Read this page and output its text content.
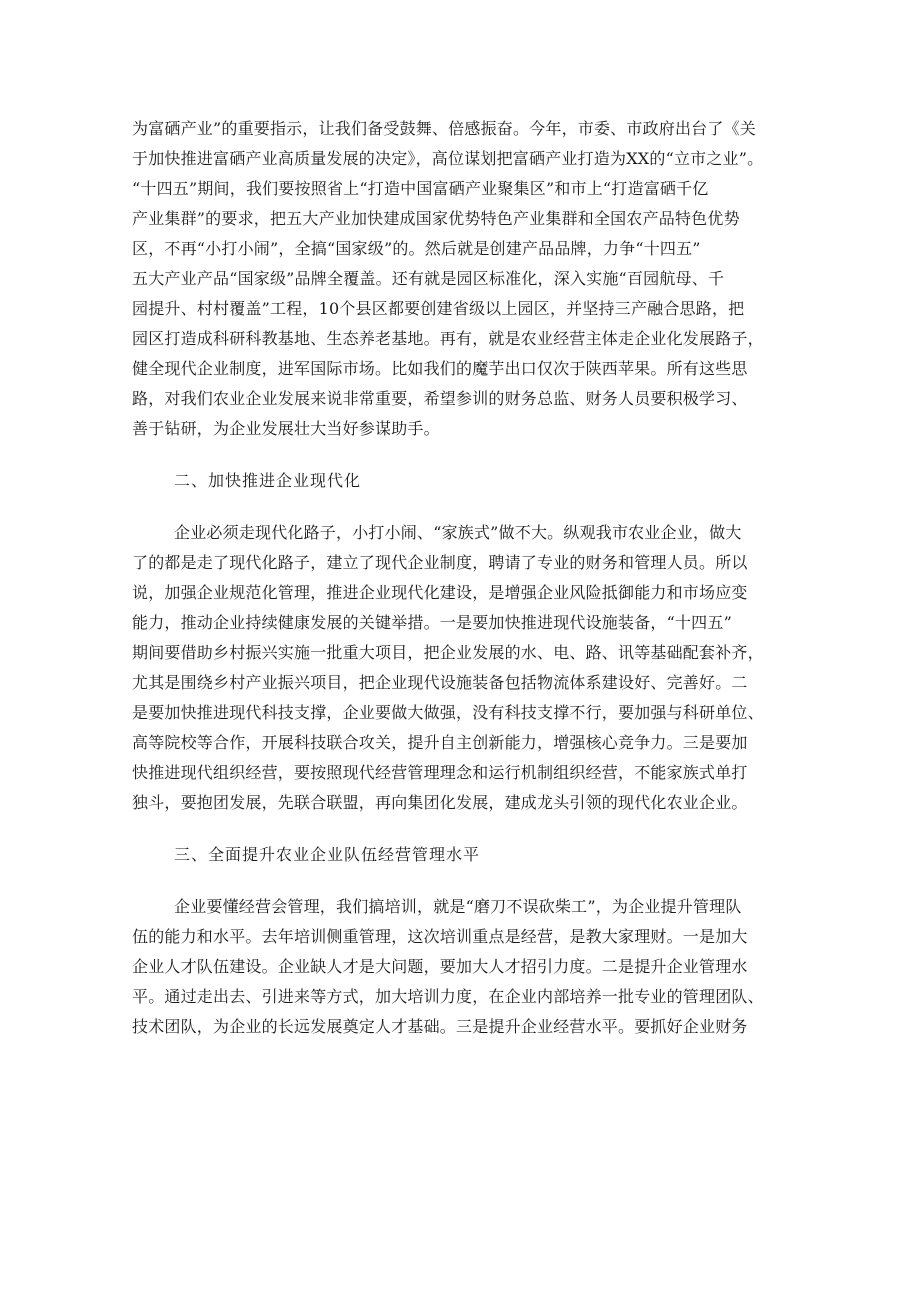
为富硒产业”的重要指示，让我们备受鼓舞、倍感振奋。今年，市委、市政府出台了《关
于加快推进富硒产业高质量发展的决定》，高位谋划把富硒产业打造为XX的“立市之业”。
“十四五”期间，我们要按照省上“打造中国富硒产业聚集区”和市上“打造富硒千亿
产业集群”的要求，把五大产业加快建成国家优势特色产业集群和全国农产品特色优势
区，不再“小打小闹”，全搞“国家级”的。然后就是创建产品品牌，力争“十四五”
五大产业产品“国家级”品牌全覆盖。还有就是园区标准化，深入实施“百园航母、千
园提升、村村覆盖”工程，10个县区都要创建省级以上园区，并坚持三产融合思路，把
园区打造成科研科教基地、生态养老基地。再有，就是农业经营主体走企业化发展路子，
健全现代企业制度，进军国际市场。比如我们的魔芋出口仅次于陕西苹果。所有这些思
路，对我们农业企业发展来说非常重要，希望参训的财务总监、财务人员要积极学习、
善于钻研，为企业发展壮大当好参谋助手。
二、加快推进企业现代化
企业必须走现代化路子，小打小闹、“家族式”做不大。纵观我市农业企业，做大
了的都是走了现代化路子，建立了现代企业制度，聘请了专业的财务和管理人员。所以
说，加强企业规范化管理，推进企业现代化建设，是增强企业风险抵御能力和市场应变
能力，推动企业持续健康发展的关键举措。一是要加快推进现代设施装备，“十四五”
期间要借助乡村振兴实施一批重大项目，把企业发展的水、电、路、讯等基础配套补齐，
尤其是围绕乡村产业振兴项目，把企业现代设施装备包括物流体系建设好、完善好。二
是要加快推进现代科技支撑，企业要做大做强，没有科技支撑不行，要加强与科研单位、
高等院校等合作，开展科技联合攻关，提升自主创新能力，增强核心竞争力。三是要加
快推进现代组织经营，要按照现代经营管理理念和运行机制组织经营，不能家族式单打
独斗，要抱团发展，先联合联盟，再向集团化发展，建成龙头引领的现代化农业企业。
三、全面提升农业企业队伍经营管理水平
企业要懂经营会管理，我们搞培训，就是“磨刀不误砍柴工”，为企业提升管理队
伍的能力和水平。去年培训侧重管理，这次培训重点是经营，是教大家理财。一是加大
企业人才队伍建设。企业缺人才是大问题，要加大人才招引力度。二是提升企业管理水
平。通过走出去、引进来等方式，加大培训力度，在企业内部培养一批专业的管理团队、
技术团队，为企业的长远发展奠定人才基础。三是提升企业经营水平。要抓好企业财务
